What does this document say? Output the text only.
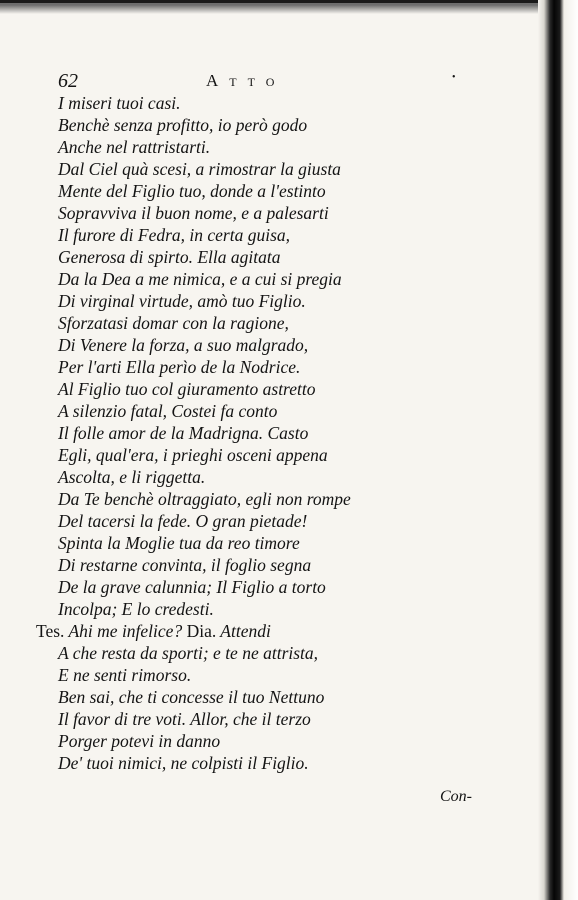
62	Atto	•
I miseri tuoi casi.
Benchè senza profitto, io però godo
Anche nel rattristarti.
Dal Ciel quà scesi, a rimostrar la giusta
Mente del Figlio tuo, donde a l'estinto
Sopravviva il buon nome, e a palesarti
Il furore di Fedra, in certa guisa,
Generosa di spirto. Ella agitata
Da la Dea a me nimica, e a cui si pregia
Di virginal virtude, amò tuo Figlio.
Sforzatasi domar con la ragione,
Di Venere la forza, a suo malgrado,
Per l'arti Ella perìo de la Nodrice.
Al Figlio tuo col giuramento astretto
A silenzio fatal, Costei fa conto
Il folle amor de la Madrigna. Casto
Egli, qual'era, i prieghi osceni appena
Ascolta, e li riggetta.
Da Te benchè oltraggiato, egli non rompe
Del tacersi la fede. O gran pietade!
Spinta la Moglie tua da reo timore
Di restarne convinta, il foglio segna
De la grave calunnia; Il Figlio a torto
Incolpa; E lo credesti.
Tes. Ahi me infelice? Dia. Attendi
A che resta da sporti; e te ne attrista,
E ne senti rimorso.
Ben sai, che ti concesse il tuo Nettuno
Il favor di tre voti. Allor, che il terzo
Porger potevi in danno
De' tuoi nimici, ne colpisti il Figlio.
Con-
